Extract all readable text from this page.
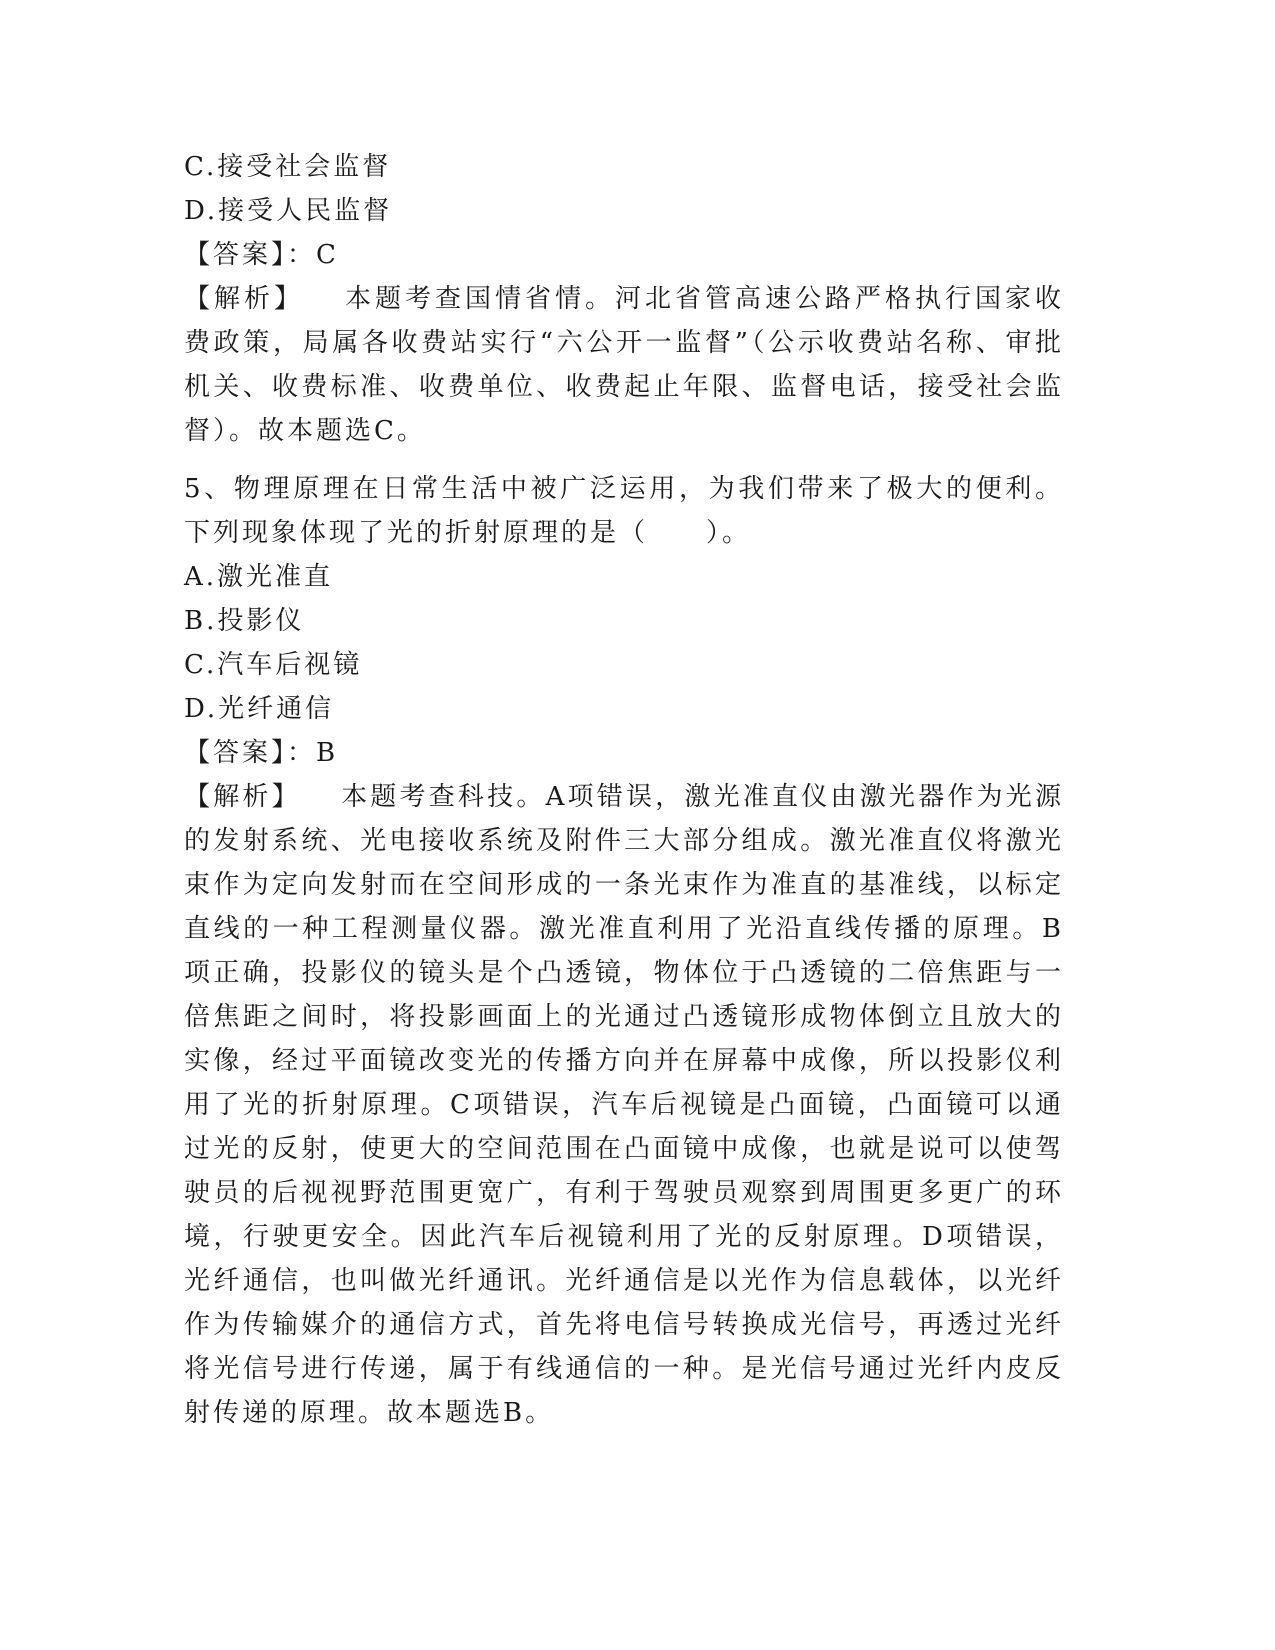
C.接受社会监督
D.接受人民监督
【答案】：C
【解析】 本题考查国情省情。河北省管高速公路严格执行国家收费政策，局属各收费站实行“六公开一监督”（公示收费站名称、审批机关、收费标准、收费单位、收费起止年限、监督电话，接受社会监督）。故本题选C。
5、物理原理在日常生活中被广泛运用，为我们带来了极大的便利。下列现象体现了光的折射原理的是（　　）。
A.激光准直
B.投影仪
C.汽车后视镜
D.光纤通信
【答案】：B
【解析】 本题考查科技。A项错误，激光准直仪由激光器作为光源的发射系统、光电接收系统及附件三大部分组成。激光准直仪将激光束作为定向发射而在空间形成的一条光束作为准直的基准线，以标定直线的一种工程测量仪器。激光准直利用了光沿直线传播的原理。B项正确，投影仪的镜头是个凸透镜，物体位于凸透镜的二倍焦距与一倍焦距之间时，将投影画面上的光通过凸透镜形成物体倒立且放大的实像，经过平面镜改变光的传播方向并在屏幕中成像，所以投影仪利用了光的折射原理。C项错误，汽车后视镜是凸面镜，凸面镜可以通过光的反射，使更大的空间范围在凸面镜中成像，也就是说可以使驾驶员的后视视野范围更宽广，有利于驾驶员观察到周围更多更广的环境，行驶更安全。因此汽车后视镜利用了光的反射原理。D项错误，光纤通信，也叫做光纤通讯。光纤通信是以光作为信息载体，以光纤作为传输媒介的通信方式，首先将电信号转换成光信号，再透过光纤将光信号进行传递，属于有线通信的一种。是光信号通过光纤内皮反射传递的原理。故本题选B。
